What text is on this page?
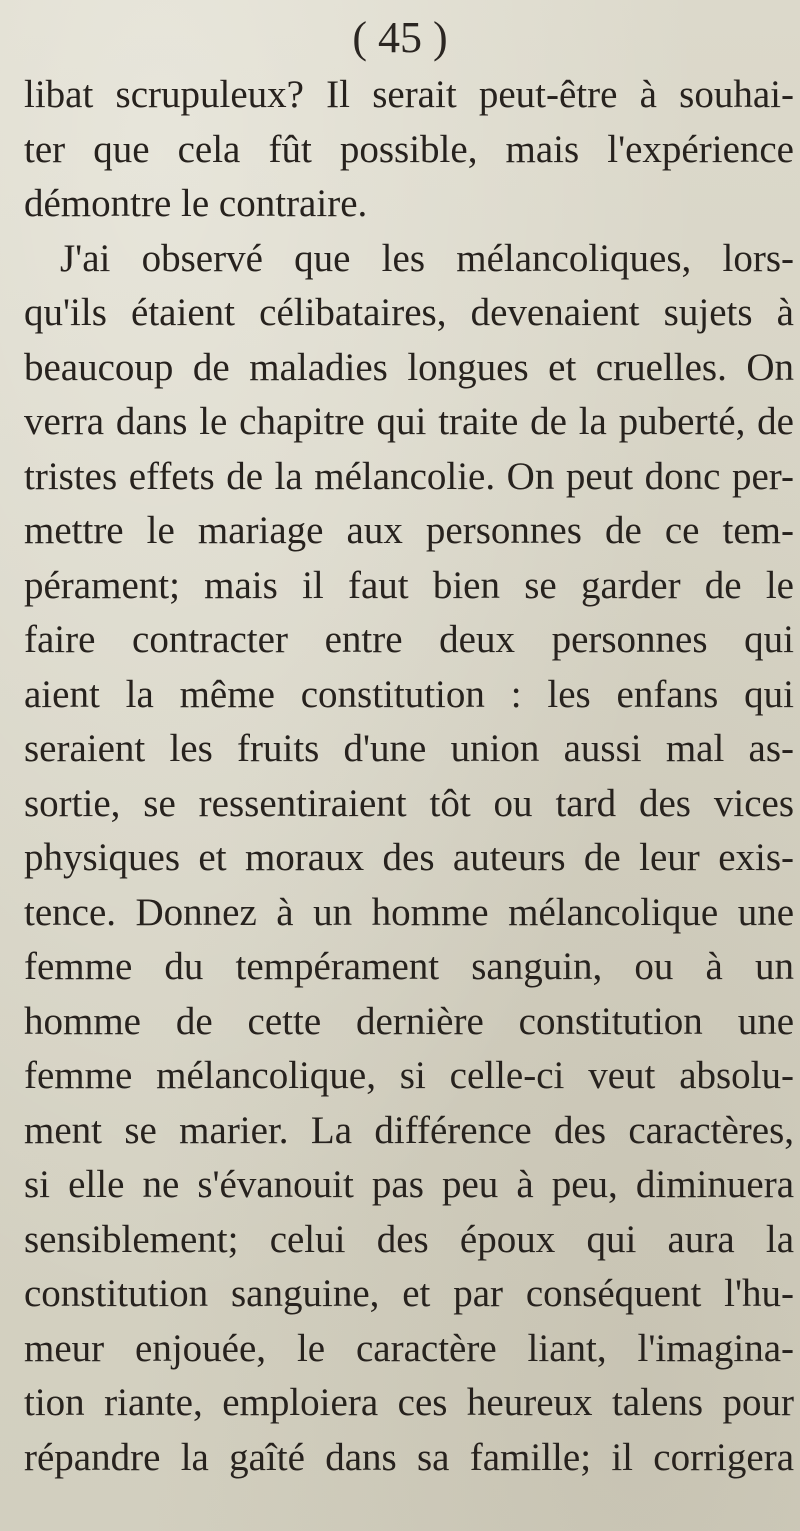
( 45 )
libat scrupuleux? Il serait peut-être à souhai-
ter que cela fût possible, mais l'expérience
démontre le contraire.
J'ai observé que les mélancoliques, lors-
qu'ils étaient célibataires, devenaient sujets à
beaucoup de maladies longues et cruelles. On
verra dans le chapitre qui traite de la puberté, de
tristes effets de la mélancolie. On peut donc per-
mettre le mariage aux personnes de ce tem-
pérament; mais il faut bien se garder de le
faire contracter entre deux personnes qui
aient la même constitution : les enfans qui
seraient les fruits d'une union aussi mal as-
sortie, se ressentiraient tôt ou tard des vices
physiques et moraux des auteurs de leur exis-
tence. Donnez à un homme mélancolique une
femme du tempérament sanguin, ou à un
homme de cette dernière constitution une
femme mélancolique, si celle-ci veut absolu-
ment se marier. La différence des caractères,
si elle ne s'évanouit pas peu à peu, diminuera
sensiblement; celui des époux qui aura la
constitution sanguine, et par conséquent l'hu-
meur enjouée, le caractère liant, l'imagina-
tion riante, emploiera ces heureux talens pour
répandre la gaîté dans sa famille; il corrigera
